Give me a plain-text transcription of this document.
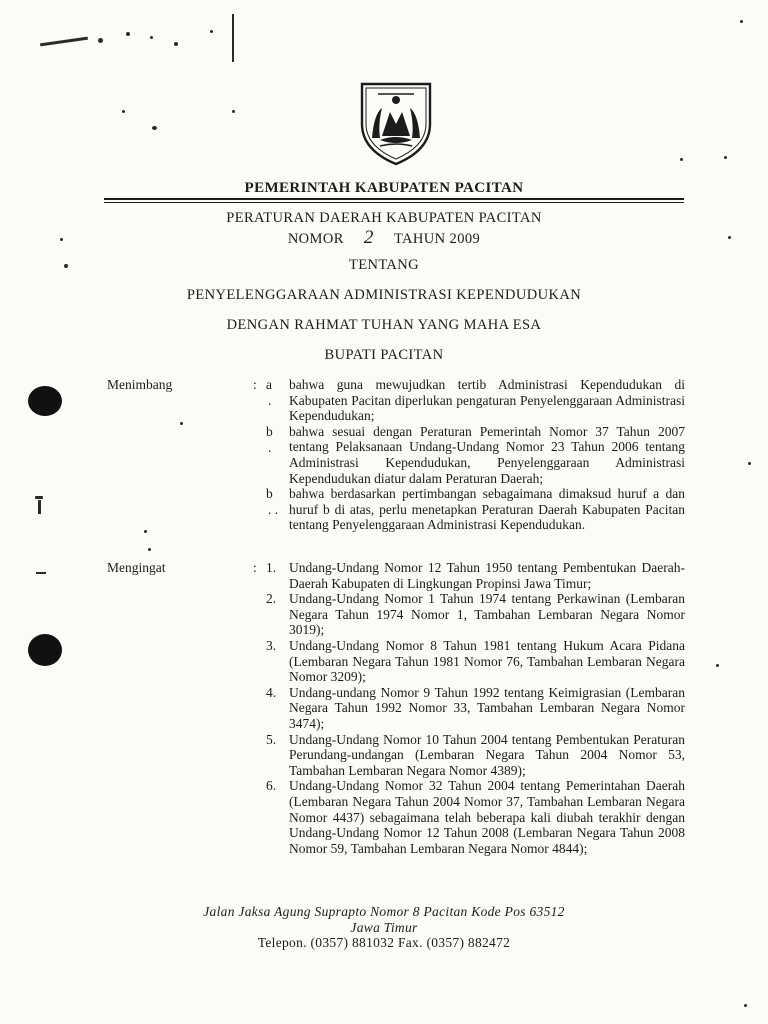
PEMERINTAH KABUPATEN PACITAN
PERATURAN DAERAH KABUPATEN PACITAN
NOMOR 2 TAHUN 2009
TENTANG
PENYELENGGARAAN ADMINISTRASI KEPENDUDUKAN
DENGAN RAHMAT TUHAN YANG MAHA ESA
BUPATI PACITAN
Menimbang	: a
.
bahwa guna mewujudkan tertib Administrasi Kependudukan di Kabupaten Pacitan diperlukan pengaturan Penyelenggaraan Administrasi Kependudukan;
b
.
bahwa sesuai dengan Peraturan Pemerintah Nomor 37 Tahun 2007 tentang Pelaksanaan Undang-Undang Nomor 23 Tahun 2006 tentang Administrasi Kependudukan, Penyelenggaraan Administrasi Kependudukan diatur dalam Peraturan Daerah;
b
. .
bahwa berdasarkan pertimbangan sebagaimana dimaksud huruf a dan huruf b di atas, perlu menetapkan Peraturan Daerah Kabupaten Pacitan tentang Penyelenggaraan Administrasi Kependudukan.
Mengingat	: 1. Undang-Undang Nomor 12 Tahun 1950 tentang Pembentukan Daerah-Daerah Kabupaten di Lingkungan Propinsi Jawa Timur;
2. Undang-Undang Nomor 1 Tahun 1974 tentang Perkawinan (Lembaran Negara Tahun 1974 Nomor 1, Tambahan Lembaran Negara Nomor 3019);
3. Undang-Undang Nomor 8 Tahun 1981 tentang Hukum Acara Pidana (Lembaran Negara Tahun 1981 Nomor 76, Tambahan Lembaran Negara Nomor 3209);
4. Undang-undang Nomor 9 Tahun 1992 tentang Keimigrasian (Lembaran Negara Tahun 1992 Nomor 33, Tambahan Lembaran Negara Nomor 3474);
5. Undang-Undang Nomor 10 Tahun 2004 tentang Pembentukan Peraturan Perundang-undangan (Lembaran Negara Tahun 2004 Nomor 53, Tambahan Lembaran Negara Nomor 4389);
6. Undang-Undang Nomor 32 Tahun 2004 tentang Pemerintahan Daerah (Lembaran Negara Tahun 2004 Nomor 37, Tambahan Lembaran Negara Nomor 4437) sebagaimana telah beberapa kali diubah terakhir dengan Undang-Undang Nomor 12 Tahun 2008 (Lembaran Negara Tahun 2008 Nomor 59, Tambahan Lembaran Negara Nomor 4844);
Jalan Jaksa Agung Suprapto Nomor 8 Pacitan Kode Pos 63512
Jawa Timur
Telepon. (0357) 881032 Fax. (0357) 882472
